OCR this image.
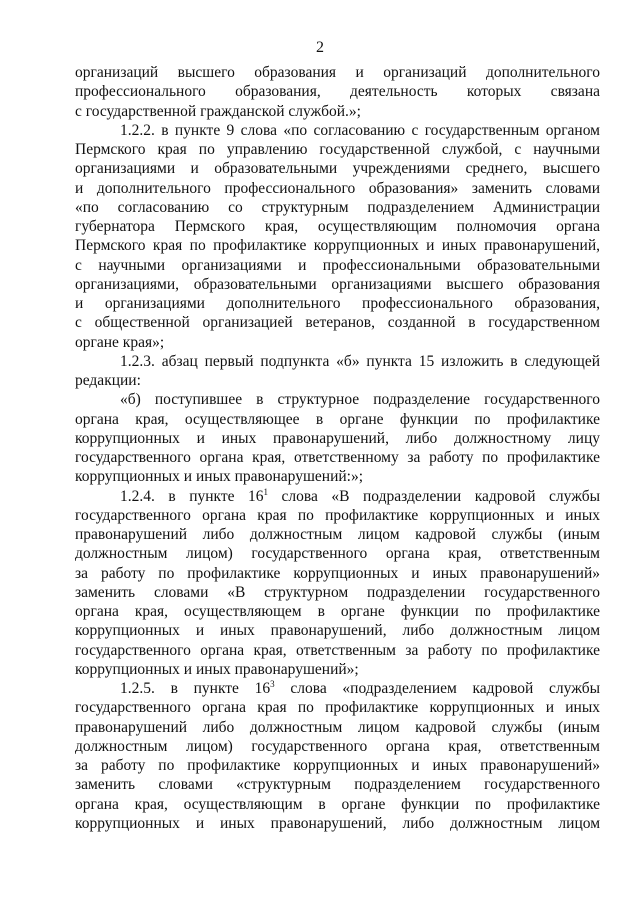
2
организаций высшего образования и организаций дополнительного
профессионального образования, деятельность которых связана
с государственной гражданской службой.»;
1.2.2. в пункте 9 слова «по согласованию с государственным органом
Пермского края по управлению государственной службой, с научными
организациями и образовательными учреждениями среднего, высшего
и дополнительного профессионального образования» заменить словами
«по согласованию со структурным подразделением Администрации
губернатора Пермского края, осуществляющим полномочия органа
Пермского края по профилактике коррупционных и иных правонарушений,
с научными организациями и профессиональными образовательными
организациями, образовательными организациями высшего образования
и организациями дополнительного профессионального образования,
с общественной организацией ветеранов, созданной в государственном
органе края»;
1.2.3. абзац первый подпункта «б» пункта 15 изложить в следующей
редакции:
«б) поступившее в структурное подразделение государственного
органа края, осуществляющее в органе функции по профилактике
коррупционных и иных правонарушений, либо должностному лицу
государственного органа края, ответственному за работу по профилактике
коррупционных и иных правонарушений:»;
1.2.4. в пункте $16^1$ слова «В подразделении кадровой службы
государственного органа края по профилактике коррупционных и иных
правонарушений либо должностным лицом кадровой службы (иным
должностным лицом) государственного органа края, ответственным
за работу по профилактике коррупционных и иных правонарушений»
заменить словами «В структурном подразделении государственного
органа края, осуществляющем в органе функции по профилактике
коррупционных и иных правонарушений, либо должностным лицом
государственного органа края, ответственным за работу по профилактике
коррупционных и иных правонарушений»;
1.2.5. в пункте $16^3$ слова «подразделением кадровой службы
государственного органа края по профилактике коррупционных и иных
правонарушений либо должностным лицом кадровой службы (иным
должностным лицом) государственного органа края, ответственным
за работу по профилактике коррупционных и иных правонарушений»
заменить словами «структурным подразделением государственного
органа края, осуществляющим в органе функции по профилактике
коррупционных и иных правонарушений, либо должностным лицом
